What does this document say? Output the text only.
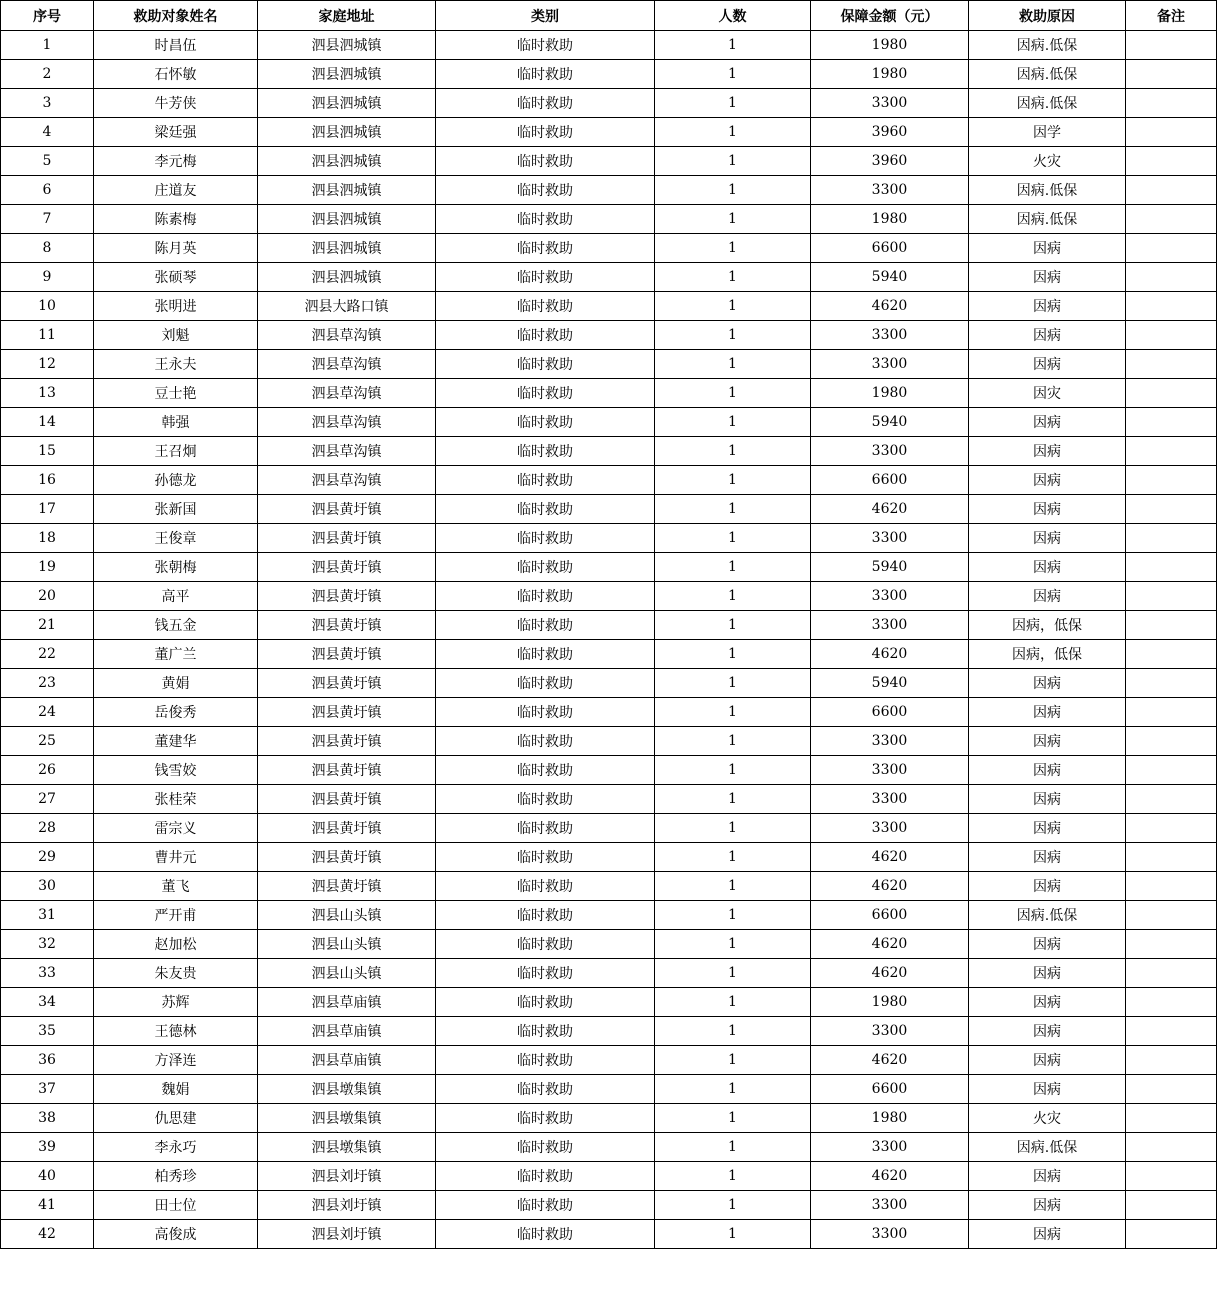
序号	救助对象姓名	家庭地址	类别	人数	保障金额（元）	救助原因	备注
1	时昌伍	泗县泗城镇	临时救助	1	1980	因病.低保	
2	石怀敏	泗县泗城镇	临时救助	1	1980	因病.低保	
3	牛芳侠	泗县泗城镇	临时救助	1	3300	因病.低保	
4	梁廷强	泗县泗城镇	临时救助	1	3960	因学	
5	李元梅	泗县泗城镇	临时救助	1	3960	火灾	
6	庄道友	泗县泗城镇	临时救助	1	3300	因病.低保	
7	陈素梅	泗县泗城镇	临时救助	1	1980	因病.低保	
8	陈月英	泗县泗城镇	临时救助	1	6600	因病	
9	张硕琴	泗县泗城镇	临时救助	1	5940	因病	
10	张明进	泗县大路口镇	临时救助	1	4620	因病	
11	刘魁	泗县草沟镇	临时救助	1	3300	因病	
12	王永夫	泗县草沟镇	临时救助	1	3300	因病	
13	豆士艳	泗县草沟镇	临时救助	1	1980	因灾	
14	韩强	泗县草沟镇	临时救助	1	5940	因病	
15	王召炯	泗县草沟镇	临时救助	1	3300	因病	
16	孙德龙	泗县草沟镇	临时救助	1	6600	因病	
17	张新国	泗县黄圩镇	临时救助	1	4620	因病	
18	王俊章	泗县黄圩镇	临时救助	1	3300	因病	
19	张朝梅	泗县黄圩镇	临时救助	1	5940	因病	
20	高平	泗县黄圩镇	临时救助	1	3300	因病	
21	钱五金	泗县黄圩镇	临时救助	1	3300	因病，低保	
22	董广兰	泗县黄圩镇	临时救助	1	4620	因病，低保	
23	黄娟	泗县黄圩镇	临时救助	1	5940	因病	
24	岳俊秀	泗县黄圩镇	临时救助	1	6600	因病	
25	董建华	泗县黄圩镇	临时救助	1	3300	因病	
26	钱雪姣	泗县黄圩镇	临时救助	1	3300	因病	
27	张桂荣	泗县黄圩镇	临时救助	1	3300	因病	
28	雷宗义	泗县黄圩镇	临时救助	1	3300	因病	
29	曹井元	泗县黄圩镇	临时救助	1	4620	因病	
30	董飞	泗县黄圩镇	临时救助	1	4620	因病	
31	严开甫	泗县山头镇	临时救助	1	6600	因病.低保	
32	赵加松	泗县山头镇	临时救助	1	4620	因病	
33	朱友贵	泗县山头镇	临时救助	1	4620	因病	
34	苏辉	泗县草庙镇	临时救助	1	1980	因病	
35	王德林	泗县草庙镇	临时救助	1	3300	因病	
36	方泽连	泗县草庙镇	临时救助	1	4620	因病	
37	魏娟	泗县墩集镇	临时救助	1	6600	因病	
38	仇思建	泗县墩集镇	临时救助	1	1980	火灾	
39	李永巧	泗县墩集镇	临时救助	1	3300	因病.低保	
40	柏秀珍	泗县刘圩镇	临时救助	1	4620	因病	
41	田士位	泗县刘圩镇	临时救助	1	3300	因病	
42	高俊成	泗县刘圩镇	临时救助	1	3300	因病	
